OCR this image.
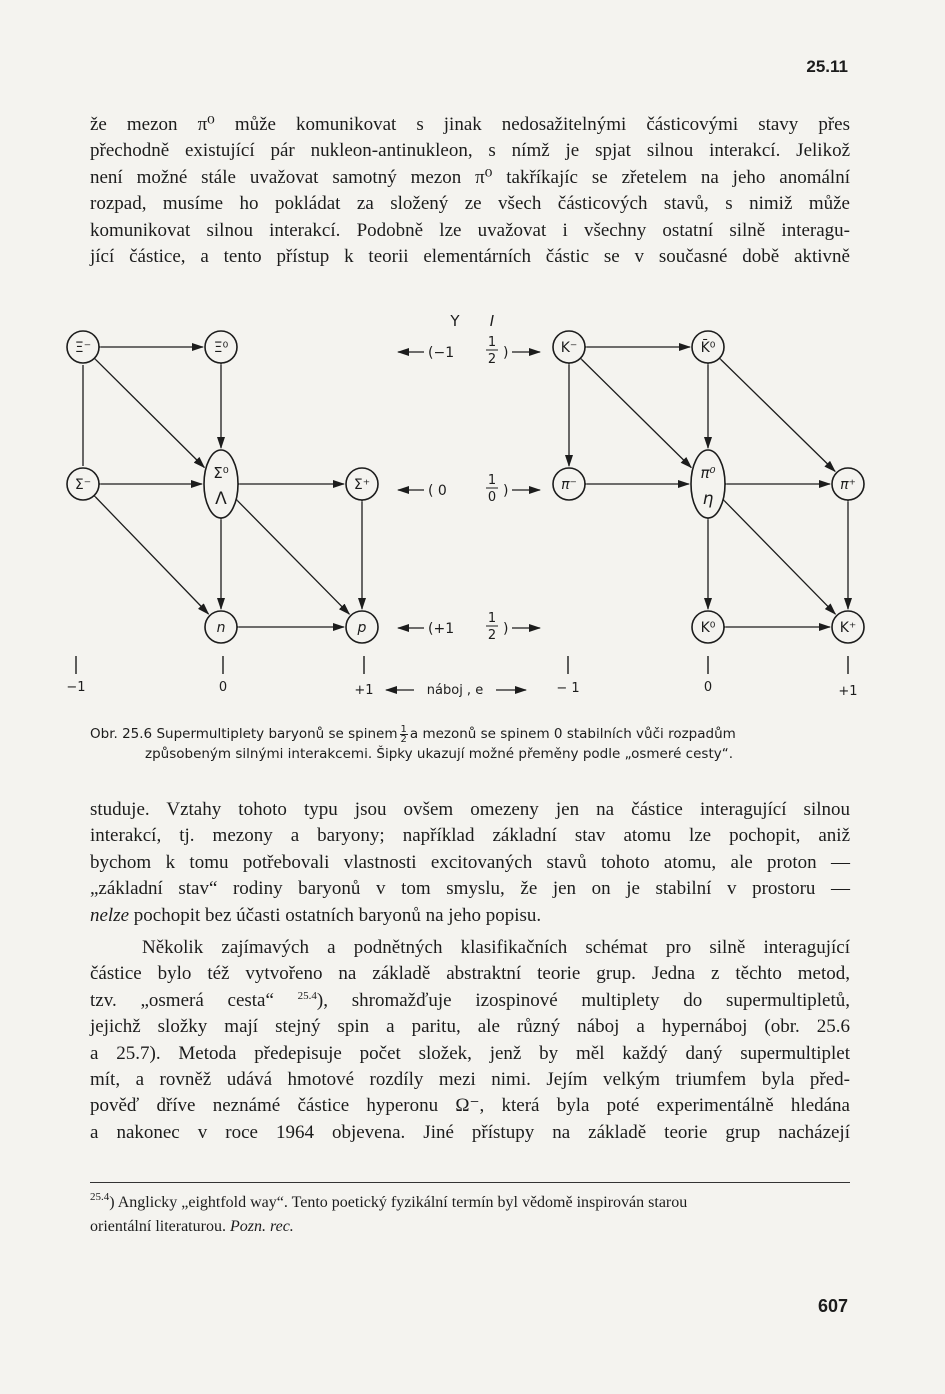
25.11
že mezon π⁰ může komunikovat s jinak nedosažitelnými částicovými stavy přes
přechodně existující pár nukleon-antinukleon, s nímž je spjat silnou interakcí. Jelikož
není možné stále uvažovat samotný mezon π⁰ takříkajíc se zřetelem na jeho anomální
rozpad, musíme ho pokládat za složený ze všech částicových stavů, s nimiž může
komunikovat silnou interakcí. Podobně lze uvažovat i všechny ostatní silně interagu-
jící částice, a tento přístup k teorii elementárních částic se v současné době aktivně
Ξ⁻	Ξ⁰
Σ⁻
Σ⁰
Λ
Σ⁺
n	p
K⁻	K̄⁰
π⁻
π⁰
η
π⁺
K⁰	K⁺
Y I
(−1
1
2 )
( 0
1
0 )
(+1
1
2 )
−1	0	+1	− 1	0	+1
náboj , e
Obr. 25.6 Supermultiplety baryonů se spinem $\frac{1}{2}$ a mezonů se spinem 0 stabilních vůči rozpadům
způsobeným silnými interakcemi. Šipky ukazují možné přeměny podle „osmeré cesty“.
studuje. Vztahy tohoto typu jsou ovšem omezeny jen na částice interagující silnou
interakcí, tj. mezony a baryony; například základní stav atomu lze pochopit, aniž
bychom k tomu potřebovali vlastnosti excitovaných stavů tohoto atomu, ale proton —
„základní stav“ rodiny baryonů v tom smyslu, že jen on je stabilní v prostoru —
nelze pochopit bez účasti ostatních baryonů na jeho popisu.
Několik zajímavých a podnětných klasifikačních schémat pro silně interagující
částice bylo též vytvořeno na základě abstraktní teorie grup. Jedna z těchto metod,
tzv. „osmerá cesta“ $^{25.4}$), shromažďuje izospinové multiplety do supermultipletů,
jejichž složky mají stejný spin a paritu, ale různý náboj a hypernáboj (obr. 25.6
a 25.7). Metoda předepisuje počet složek, jenž by měl každý daný supermultiplet
mít, a rovněž udává hmotové rozdíly mezi nimi. Jejím velkým triumfem byla před-
pověď dříve neznámé částice hyperonu Ω⁻, která byla poté experimentálně hledána
a nakonec v roce 1964 objevena. Jiné přístupy na základě teorie grup nacházejí
$^{25.4}$) Anglicky „eightfold way“. Tento poetický fyzikální termín byl vědomě inspirován starou
orientální literaturou. Pozn. rec.
607
